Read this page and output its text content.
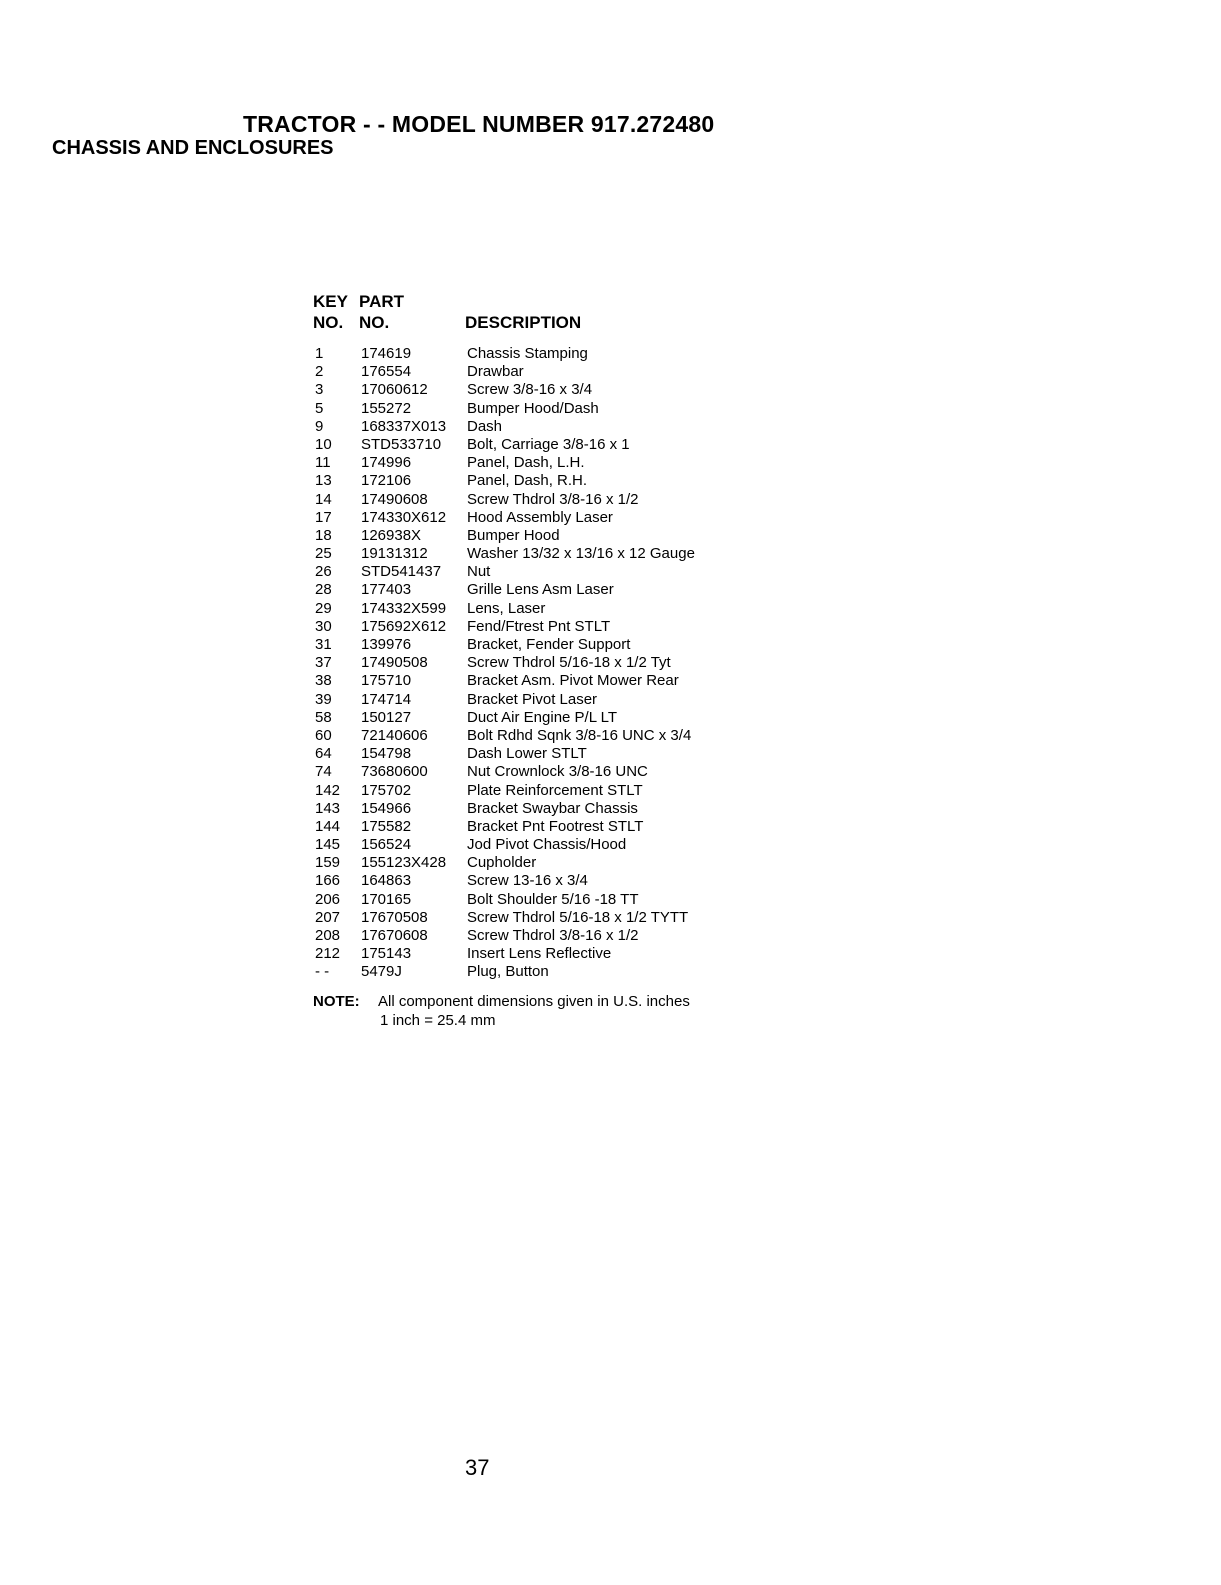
TRACTOR - - MODEL NUMBER 917.272480
CHASSIS AND ENCLOSURES
KEY
NO.
PART
NO.	DESCRIPTION
1	174619	Chassis Stamping
2	176554	Drawbar
3	17060612	Screw 3/8-16 x 3/4
5	155272	Bumper Hood/Dash
9	168337X013 Dash
10 STD533710 Bolt, Carriage 3/8-16 x 1
11 174996	Panel, Dash, L.H.
13 172106	Panel, Dash, R.H.
14 17490608	Screw Thdrol 3/8-16 x 1/2
17 174330X612 Hood Assembly Laser
18 126938X	Bumper Hood
25 19131312	Washer 13/32 x 13/16 x 12 Gauge
26 STD541437 Nut
28 177403	Grille Lens Asm Laser
29 174332X599 Lens, Laser
30 175692X612 Fend/Ftrest Pnt STLT
31 139976	Bracket, Fender Support
37 17490508	Screw Thdrol 5/16-18 x 1/2 Tyt
38 175710	Bracket Asm. Pivot Mower Rear
39 174714	Bracket Pivot Laser
58 150127	Duct Air Engine P/L LT
60 72140606	Bolt Rdhd Sqnk 3/8-16 UNC x 3/4
64 154798	Dash Lower STLT
74 73680600	Nut Crownlock 3/8-16 UNC
142 175702	Plate Reinforcement STLT
143 154966	Bracket Swaybar Chassis
144 175582	Bracket Pnt Footrest STLT
145 156524	Jod Pivot Chassis/Hood
159 155123X428 Cupholder
166 164863	Screw 13-16 x 3/4
206 170165	Bolt Shoulder 5/16 -18 TT
207 17670508	Screw Thdrol 5/16-18 x 1/2 TYTT
208 17670608	Screw Thdrol 3/8-16 x 1/2
212 175143	Insert Lens Reflective
- - 5479J	Plug, Button
NOTE: All component dimensions given in U.S. inches
1 inch = 25.4 mm
37
